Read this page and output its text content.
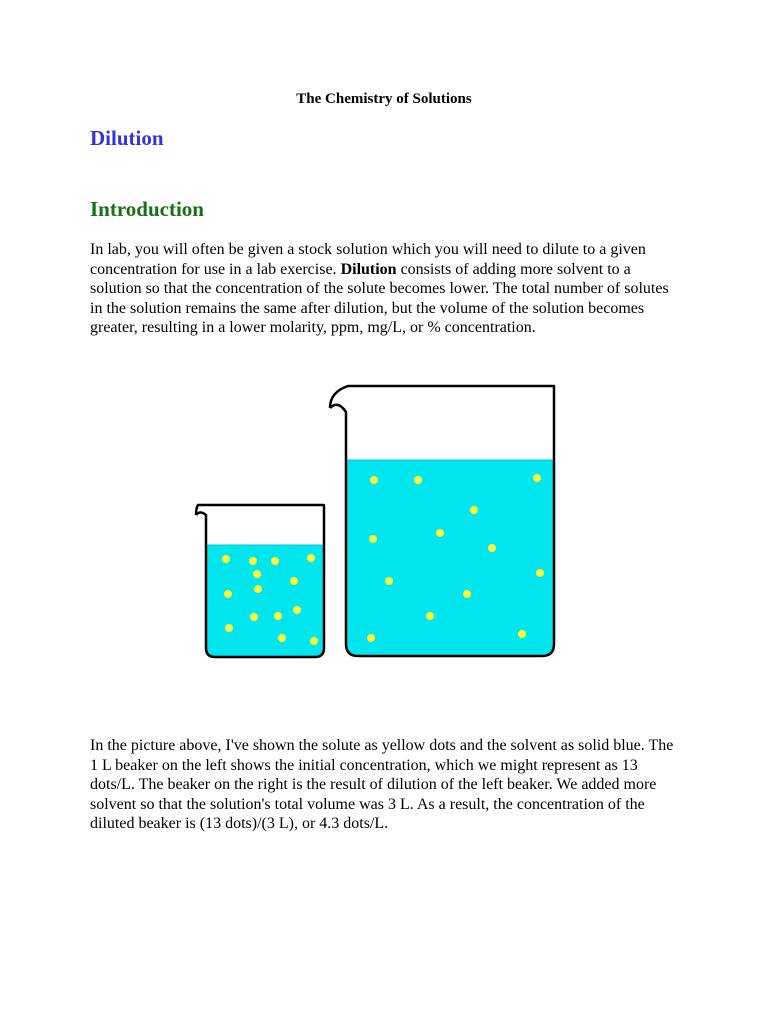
The Chemistry of Solutions
Dilution
Introduction

In lab, you will often be given a stock solution which you will need to dilute to a given concentration for use in a lab exercise. Dilution consists of adding more solvent to a solution so that the concentration of the solute becomes lower. The total number of solutes in the solution remains the same after dilution, but the volume of the solution becomes greater, resulting in a lower molarity, ppm, mg/L, or % concentration.

In the picture above, I've shown the solute as yellow dots and the solvent as solid blue. The 1 L beaker on the left shows the initial concentration, which we might represent as 13 dots/L. The beaker on the right is the result of dilution of the left beaker. We added more solvent so that the solution's total volume was 3 L. As a result, the concentration of the diluted beaker is (13 dots)/(3 L), or 4.3 dots/L.
